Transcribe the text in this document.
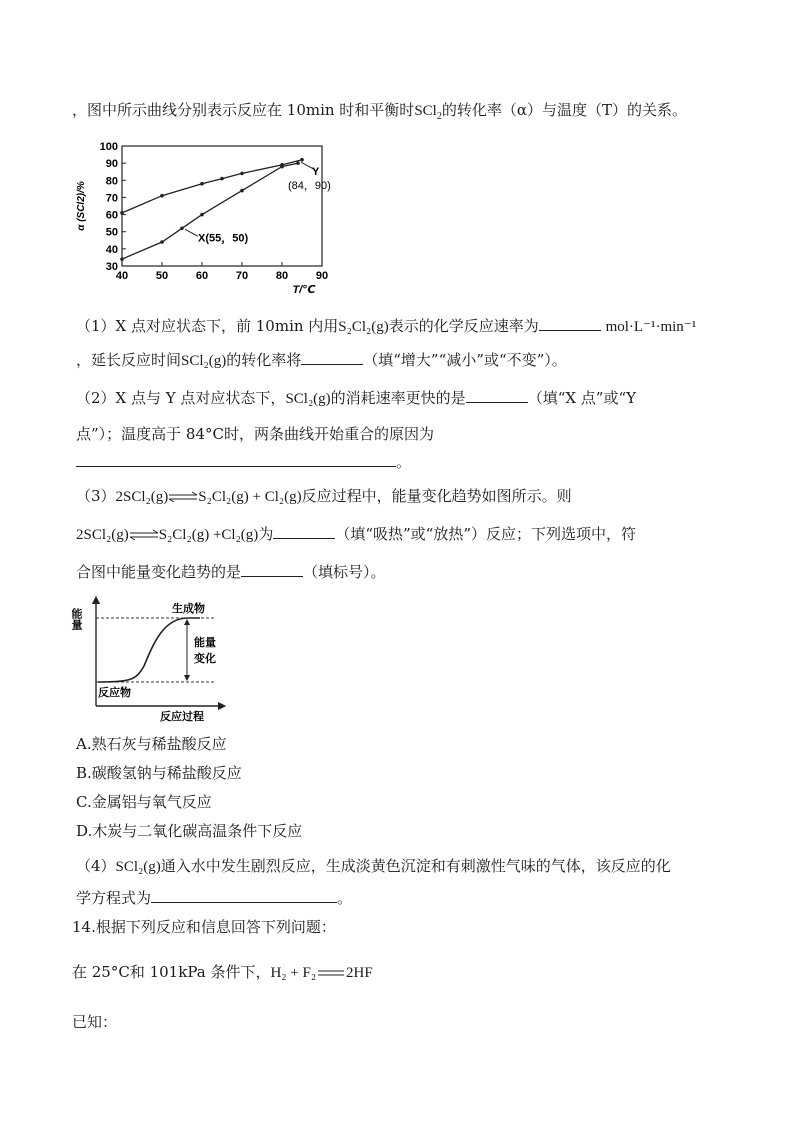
，图中所示曲线分别表示反应在 10min 时和平衡时SCl$_2$的转化率（α）与温度（T）的关系。
40	50	60	70	80	90
30
40
50
60
70
80
90
100
T/℃
α (SCl2)/%
Y
(84，90)
X(55，50)
（1）X 点对应状态下，前 10min 内用S₂Cl₂(g)表示的化学反应速率为	mol·L⁻¹·min⁻¹
，延长反应时间SCl₂(g)的转化率将	（填“增大”“减小”或“不变”）。
（2）X 点与 Y 点对应状态下，SCl₂(g)的消耗速率更快的是	（填“X 点”或“Y
点”）；温度高于 84°C时，两条曲线开始重合的原因为
。
（3）2SCl₂(g)⇌S₂Cl₂(g) + Cl₂(g)反应过程中，能量变化趋势如图所示。则
2SCl₂(g)⇌S₂Cl₂(g) +Cl₂(g)为	（填“吸热”或“放热”）反应；下列选项中，符
合图中能量变化趋势的是	（填标号）。
能量	生成物
能量
变化
反应物
反应过程
A.熟石灰与稀盐酸反应
B.碳酸氢钠与稀盐酸反应
C.金属铝与氧气反应
D.木炭与二氧化碳高温条件下反应
（4）SCl₂(g)通入水中发生剧烈反应，生成淡黄色沉淀和有刺激性气味的气体，该反应的化
学方程式为	。
14.根据下列反应和信息回答下列问题：
在 25°C和 101kPa 条件下，H₂ + F₂ 2HF
已知：
